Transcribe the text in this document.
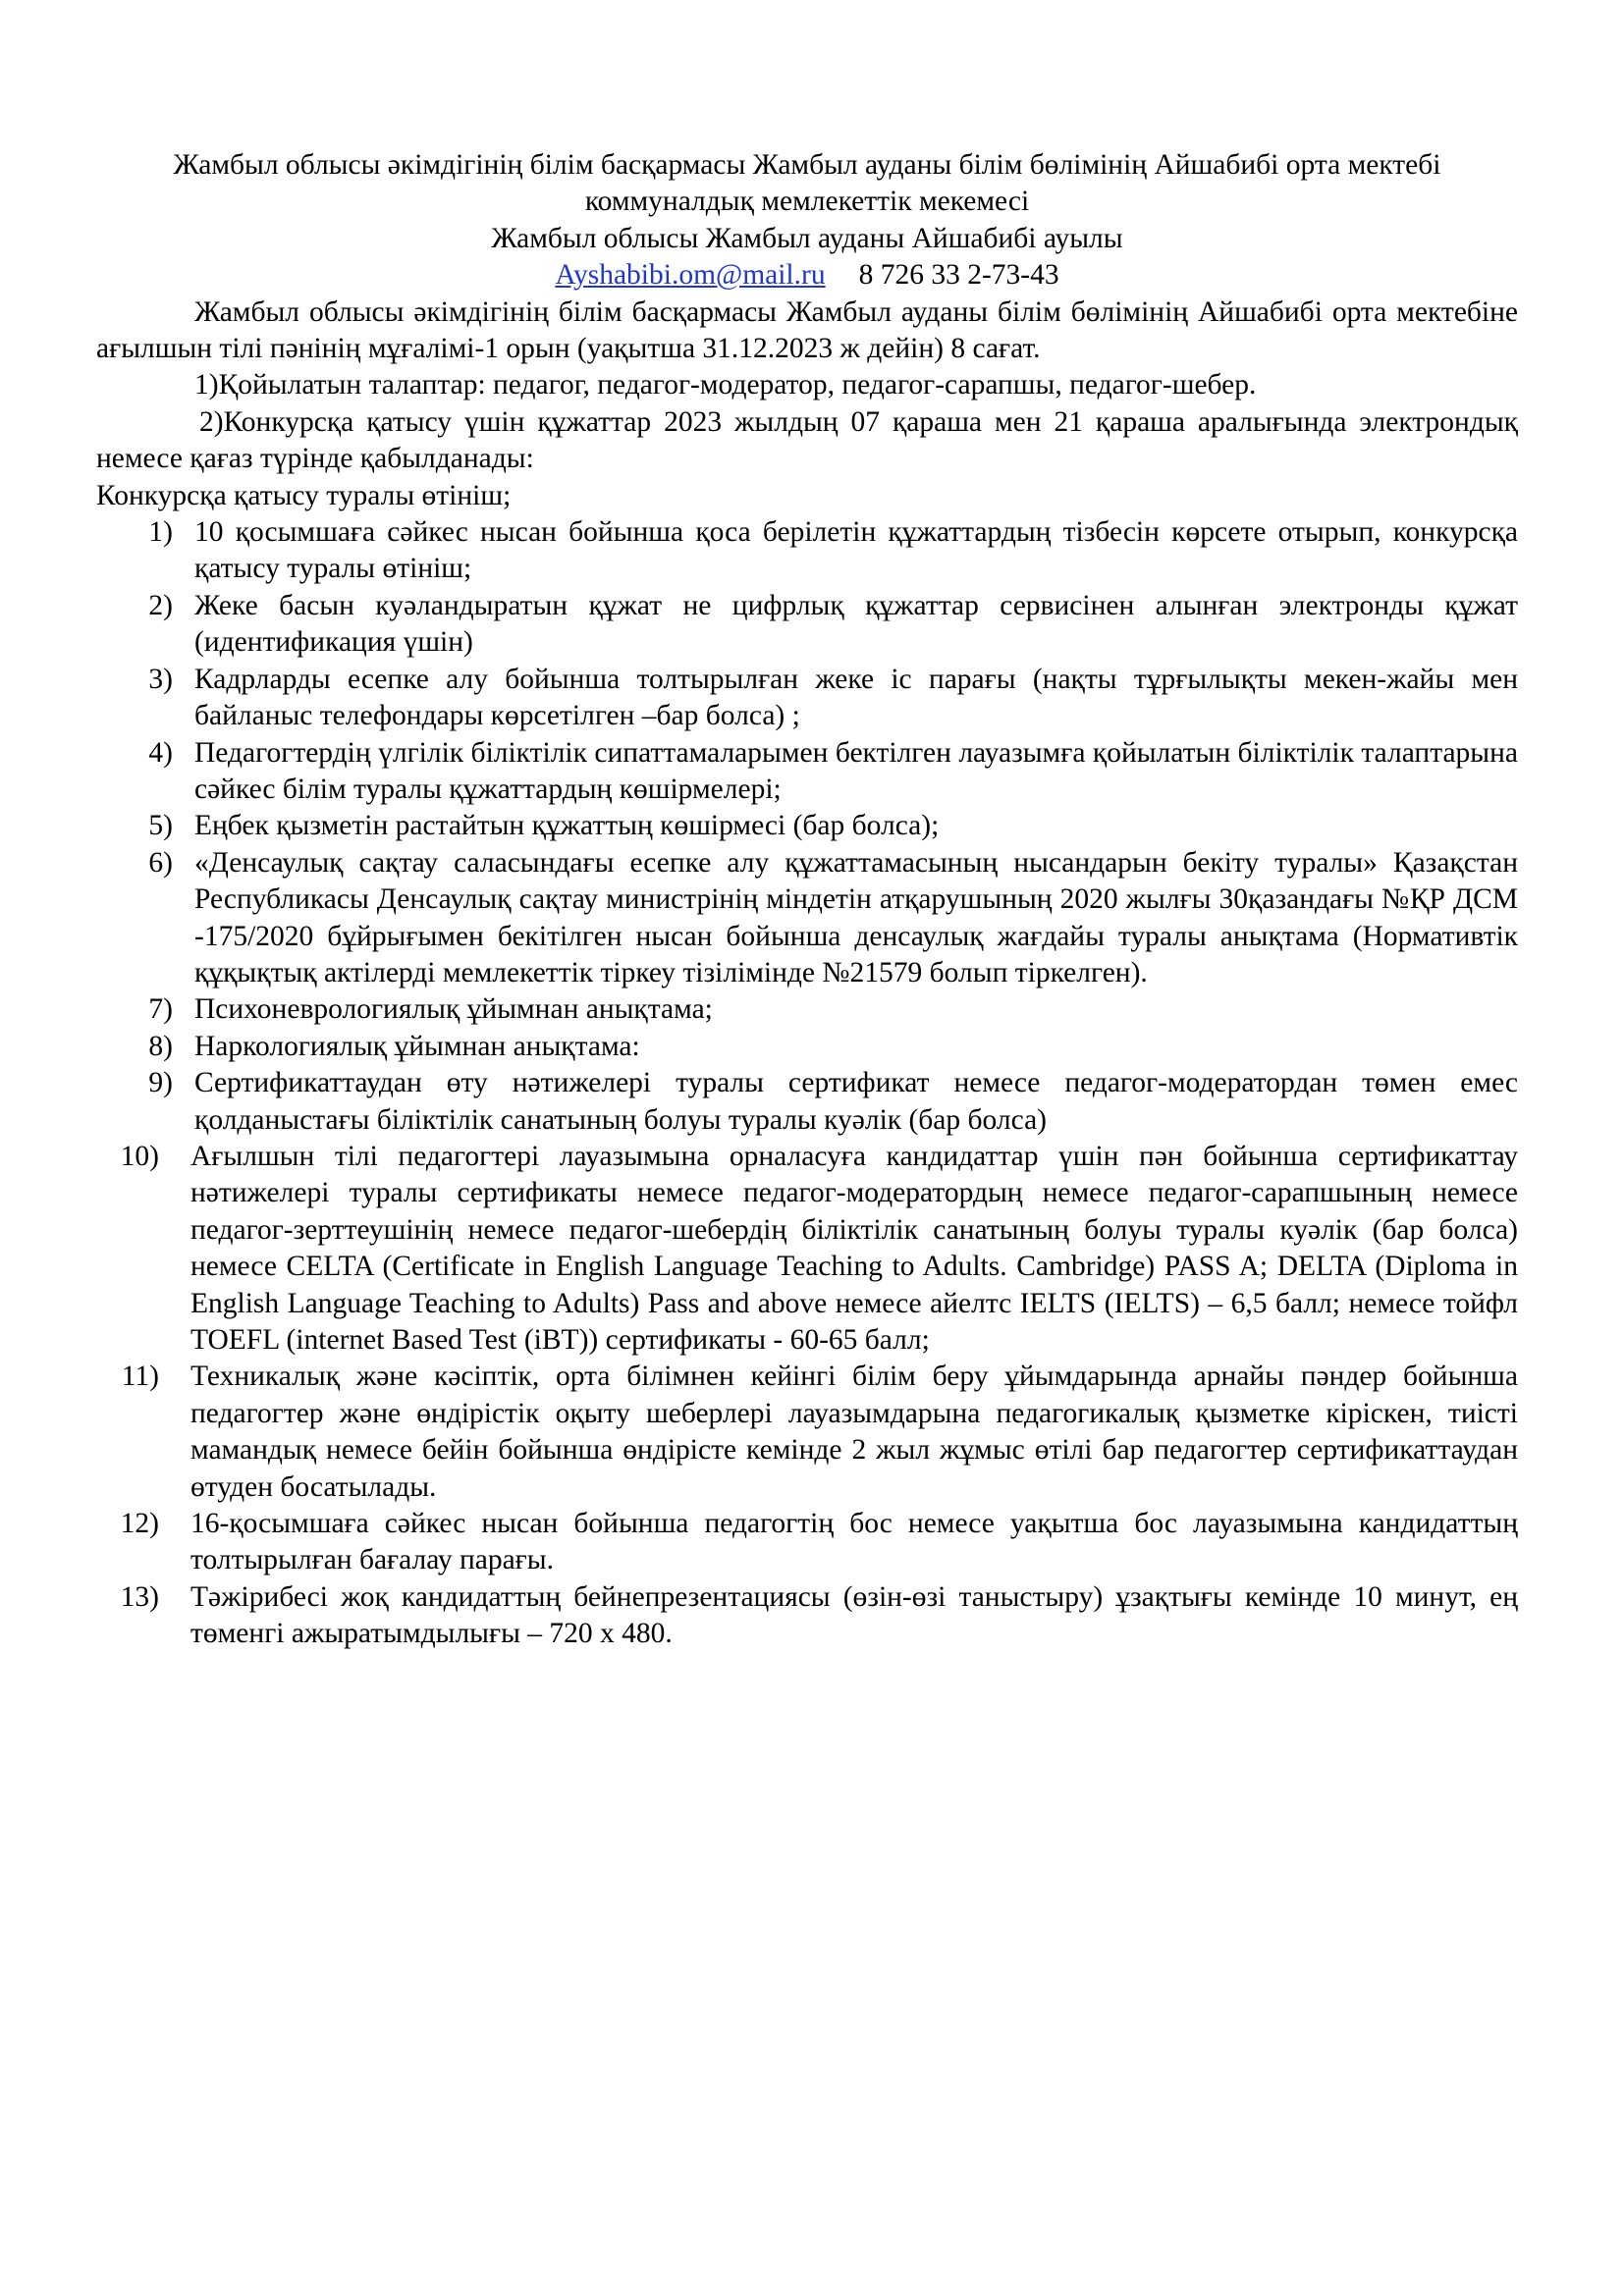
Жамбыл облысы әкімдігінің білім басқармасы Жамбыл ауданы білім бөлімінің Айшабибі орта мектебі коммуналдық мемлекеттік мекемесі
Жамбыл облысы Жамбыл ауданы Айшабибі ауылы
Ayshabibi.om@mail.ru 8 726 33 2-73-43
Жамбыл облысы әкімдігінің білім басқармасы Жамбыл ауданы білім бөлімінің Айшабибі орта мектебіне ағылшын тілі пәнінің мұғалімі-1 орын (уақытша 31.12.2023 ж дейін) 8 сағат.
1)Қойылатын талаптар: педагог, педагог-модератор, педагог-сарапшы, педагог-шебер.
2)Конкурсқа қатысу үшін құжаттар 2023 жылдың 07 қараша мен 21 қараша аралығында электрондық немесе қағаз түрінде қабылданады:
Конкурсқа қатысу туралы өтініш;
1) 10 қосымшаға сәйкес нысан бойынша қоса берілетін құжаттардың тізбесін көрсете отырып, конкурсқа қатысу туралы өтініш;
2) Жеке басын куәландыратын құжат не цифрлық құжаттар сервисінен алынған электронды құжат (идентификация үшін)
3) Кадрларды есепке алу бойынша толтырылған жеке іс парағы (нақты тұрғылықты мекен-жайы мен байланыс телефондары көрсетілген –бар болса) ;
4) Педагогтердің үлгілік біліктілік сипаттамаларымен бектілген лауазымға қойылатын біліктілік талаптарына сәйкес білім туралы құжаттардың көшірмелері;
5) Еңбек қызметін растайтын құжаттың көшірмесі (бар болса);
6) «Денсаулық сақтау саласындағы есепке алу құжаттамасының нысандарын бекіту туралы» Қазақстан Республикасы Денсаулық сақтау министрінің міндетін атқарушының 2020 жылғы 30қазандағы №ҚР ДСМ -175/2020 бұйрығымен бекітілген нысан бойынша денсаулық жағдайы туралы анықтама (Нормативтік құқықтық актілерді мемлекеттік тіркеу тізілімінде №21579 болып тіркелген).
7) Психоневрологиялық ұйымнан анықтама;
8) Наркологиялық ұйымнан анықтама:
9) Сертификаттаудан өту нәтижелері туралы сертификат немесе педагог-модератордан төмен емес қолданыстағы біліктілік санатының болуы туралы куәлік (бар болса)
10) Ағылшын тілі педагогтері лауазымына орналасуға кандидаттар үшін пән бойынша сертификаттау нәтижелері туралы сертификаты немесе педагог-модератордың немесе педагог-сарапшының немесе педагог-зерттеушінің немесе педагог-шебердің біліктілік санатының болуы туралы куәлік (бар болса) немесе CELTA (Certificate in English Language Teaching to Adults. Cambridge) PASS A; DELTA (Diploma in English Language Teaching to Adults) Pass and above немесе айелтс IELTS (IELTS) – 6,5 балл; немесе тойфл TOEFL (internet Based Test (iBT)) сертификаты - 60-65 балл;
11) Техникалық және кәсіптік, орта білімнен кейінгі білім беру ұйымдарында арнайы пәндер бойынша педагогтер және өндірістік оқыту шеберлері лауазымдарына педагогикалық қызметке кіріскен, тиісті мамандық немесе бейін бойынша өндірісте кемінде 2 жыл жұмыс өтілі бар педагогтер сертификаттаудан өтуден босатылады.
12) 16-қосымшаға сәйкес нысан бойынша педагогтің бос немесе уақытша бос лауазымына кандидаттың толтырылған бағалау парағы.
13) Тәжірибесі жоқ кандидаттың бейнепрезентациясы (өзін-өзі таныстыру) ұзақтығы кемінде 10 минут, ең төменгі ажыратымдылығы – 720 х 480.
